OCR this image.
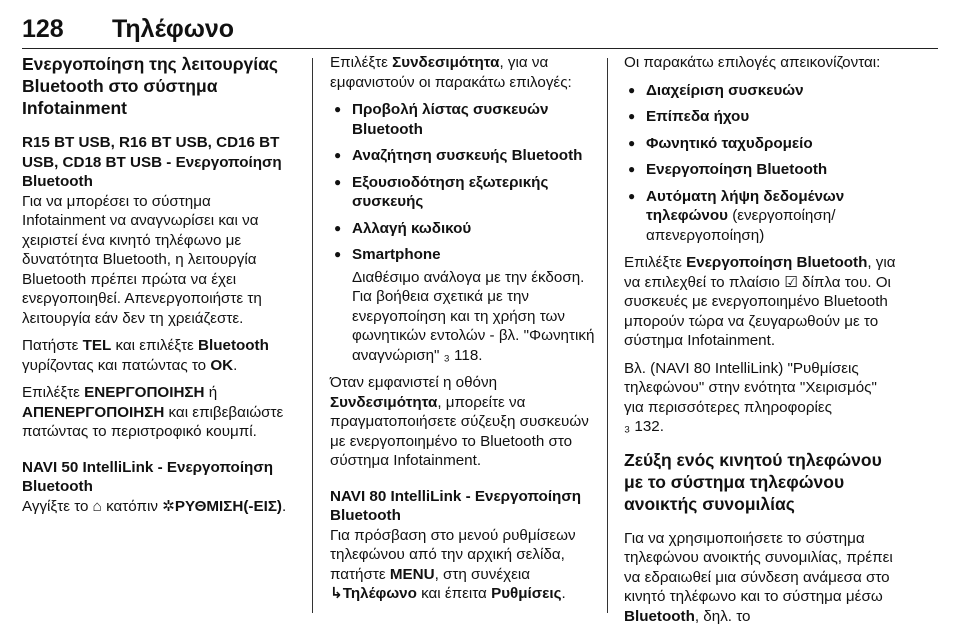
128	Τηλέφωνο
Ενεργοποίηση της λειτουργίας Bluetooth στο σύστημα Infotainment

R15 BT USB, R16 BT USB, CD16 BT USB, CD18 BT USB - Ενεργοποίηση Bluetooth

Για να μπορέσει το σύστημα Infotainment να αναγνωρίσει και να χειριστεί ένα κινητό τηλέφωνο με δυνατότητα Bluetooth, η λειτουργία Bluetooth πρέπει πρώτα να έχει ενεργοποιηθεί. Απενεργοποιήστε τη λειτουργία εάν δεν τη χρειάζεστε.

Πατήστε TEL και επιλέξτε Bluetooth γυρίζοντας και πατώντας το OK.

Επιλέξτε ΕΝΕΡΓΟΠΟΙΗΣΗ ή ΑΠΕΝΕΡΓΟΠΟΙΗΣΗ και επιβεβαιώστε πατώντας το περιστροφικό κουμπί.

NAVI 50 IntelliLink - Ενεργοποίηση Bluetooth

Αγγίξτε το ⌂ κατόπιν ✲ΡΥΘΜΙΣΗ(-ΕΙΣ).

Επιλέξτε Συνδεσιμότητα, για να εμφανιστούν οι παρακάτω επιλογές:

● Προβολή λίστας συσκευών Bluetooth
● Αναζήτηση συσκευής Bluetooth
● Εξουσιοδότηση εξωτερικής συσκευής
● Αλλαγή κωδικού
● Smartphone
Διαθέσιμο ανάλογα με την έκδοση. Για βοήθεια σχετικά με την ενεργοποίηση και τη χρήση των φωνητικών εντολών - βλ. "Φωνητική αναγνώριση" ₃ 118.

Όταν εμφανιστεί η οθόνη Συνδεσιμότητα, μπορείτε να πραγματοποιήσετε σύζευξη συσκευών με ενεργοποιημένο το Bluetooth στο σύστημα Infotainment.

NAVI 80 IntelliLink - Ενεργοποίηση Bluetooth

Για πρόσβαση στο μενού ρυθμίσεων τηλεφώνου από την αρχική σελίδα, πατήστε MENU, στη συνέχεια ↳Τηλέφωνο και έπειτα Ρυθμίσεις.

Οι παρακάτω επιλογές απεικονίζονται:

● Διαχείριση συσκευών
● Επίπεδα ήχου
● Φωνητικό ταχυδρομείο
● Ενεργοποίηση Bluetooth
● Αυτόματη λήψη δεδομένων τηλεφώνου (ενεργοποίηση/απενεργοποίηση)

Επιλέξτε Ενεργοποίηση Bluetooth, για να επιλεχθεί το πλαίσιο ☑ δίπλα του. Οι συσκευές με ενεργοποιημένο Bluetooth μπορούν τώρα να ζευγαρωθούν με το σύστημα Infotainment.

Βλ. (NAVI 80 IntelliLink) "Ρυθμίσεις τηλεφώνου" στην ενότητα "Χειρισμός" για περισσότερες πληροφορίες
₃ 132.

Ζεύξη ενός κινητού τηλεφώνου με το σύστημα τηλεφώνου ανοικτής συνομιλίας

Για να χρησιμοποιήσετε το σύστημα τηλεφώνου ανοικτής συνομιλίας, πρέπει να εδραιωθεί μια σύνδεση ανάμεσα στο κινητό τηλέφωνο και το σύστημα μέσω Bluetooth, δηλ. το
